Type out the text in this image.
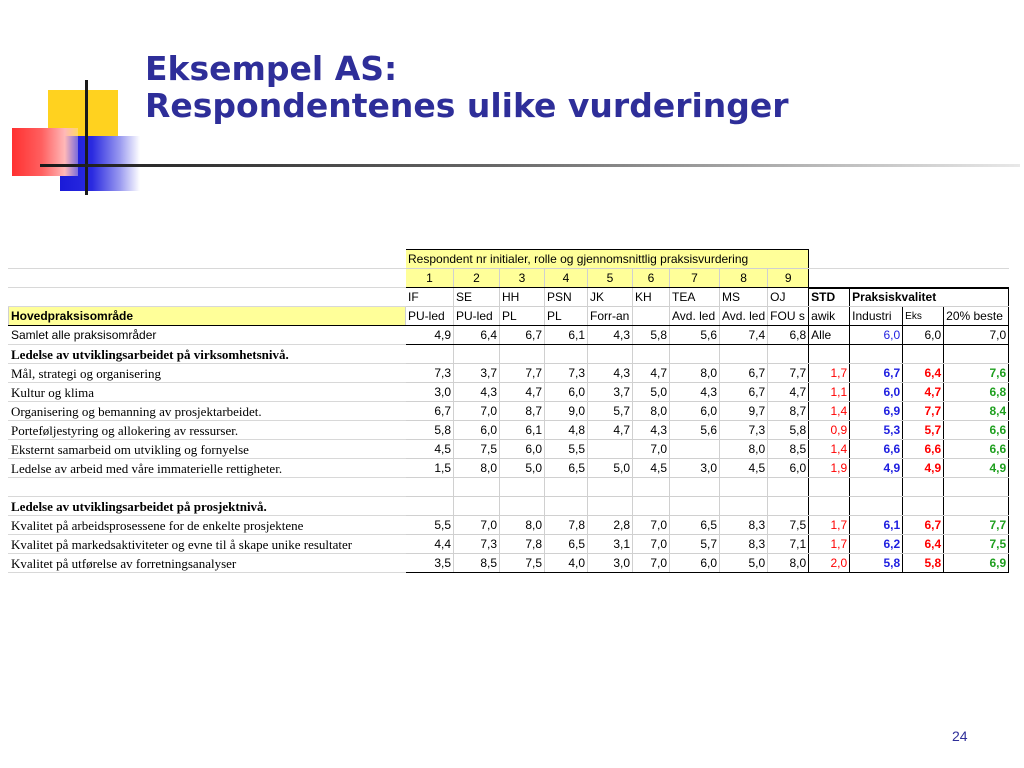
Eksempel AS:
Respondentenes ulike vurderinger
	Respondent nr initialer, rolle og gjennomsnittlig praksisvurdering												
	1	2	3	4	5	6	7	8	9				
	IF	SE	HH	PSN	JK	KH	TEA	MS	OJ	STD	Praksiskvalitet		
Hovedpraksisområde	PU-led	PU-led	PL	PL	Forr-an		Avd. led	Avd. led	FOU s	awik	Industri	Eks	20% beste
Samlet alle praksisområder	4,9	6,4	6,7	6,1	4,3	5,8	5,6	7,4	6,8	Alle	6,0	6,0	7,0
Ledelse av utviklingsarbeidet på virksomhetsnivå.													
Mål, strategi og organisering	7,3	3,7	7,7	7,3	4,3	4,7	8,0	6,7	7,7	1,7	6,7	6,4	7,6
Kultur og klima	3,0	4,3	4,7	6,0	3,7	5,0	4,3	6,7	4,7	1,1	6,0	4,7	6,8
Organisering og bemanning av prosjektarbeidet.	6,7	7,0	8,7	9,0	5,7	8,0	6,0	9,7	8,7	1,4	6,9	7,7	8,4
Porteføljestyring og allokering av ressurser.	5,8	6,0	6,1	4,8	4,7	4,3	5,6	7,3	5,8	0,9	5,3	5,7	6,6
Eksternt samarbeid om utvikling og fornyelse	4,5	7,5	6,0	5,5		7,0		8,0	8,5	1,4	6,6	6,6	6,6
Ledelse av arbeid med våre immaterielle rettigheter.	1,5	8,0	5,0	6,5	5,0	4,5	3,0	4,5	6,0	1,9	4,9	4,9	4,9

Ledelse av utviklingsarbeidet på prosjektnivå.													
Kvalitet på arbeidsprosessene for de enkelte prosjektene	5,5	7,0	8,0	7,8	2,8	7,0	6,5	8,3	7,5	1,7	6,1	6,7	7,7
Kvalitet på markedsaktiviteter og evne til å skape unike resultater	4,4	7,3	7,8	6,5	3,1	7,0	5,7	8,3	7,1	1,7	6,2	6,4	7,5
Kvalitet på utførelse av forretningsanalyser	3,5	8,5	7,5	4,0	3,0	7,0	6,0	5,0	8,0	2,0	5,8	5,8	6,9
24
